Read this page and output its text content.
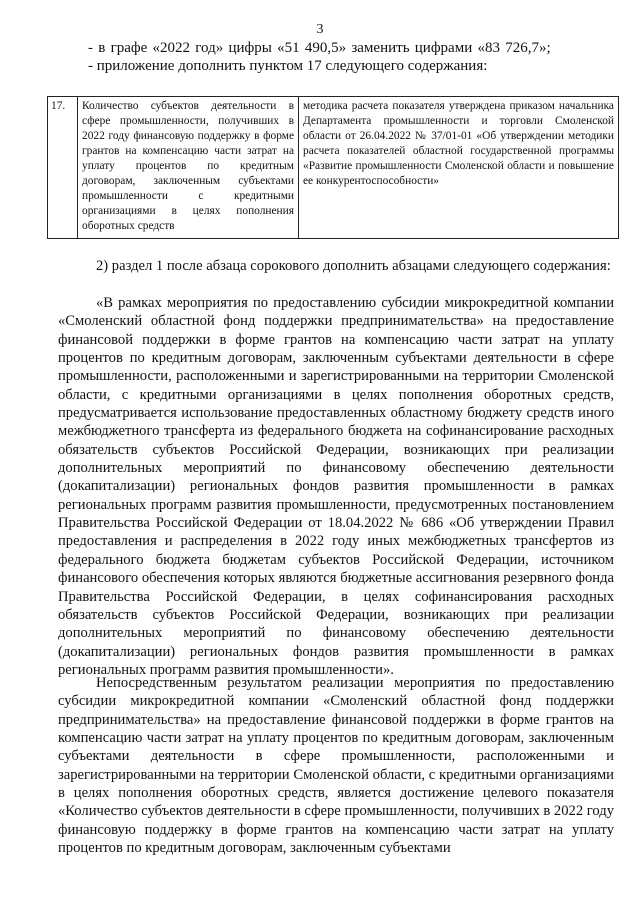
3
- в графе «2022 год» цифры «51 490,5» заменить цифрами «83 726,7»;
- приложение дополнить пунктом 17 следующего содержания:
17.	Количество субъектов деятельности в сфере промышленности, получивших в 2022 году финансовую поддержку в форме грантов на компенсацию части затрат на уплату процентов по кредитным договорам, заключенным субъектами промышленности с кредитными организациями в целях пополнения оборотных средств	методика расчета показателя утверждена приказом начальника Департамента промышленности и торговли Смоленской области от 26.04.2022 № 37/01-01 «Об утверждении методики расчета показателей областной государственной программы «Развитие промышленности Смоленской области и повышение ее конкурентоспособности»

2) раздел 1 после абзаца сорокового дополнить абзацами следующего содержания:

«В рамках мероприятия по предоставлению субсидии микрокредитной компании «Смоленский областной фонд поддержки предпринимательства» на предоставление финансовой поддержки в форме грантов на компенсацию части затрат на уплату процентов по кредитным договорам, заключенным субъектами деятельности в сфере промышленности, расположенными и зарегистрированными на территории Смоленской области, с кредитными организациями в целях пополнения оборотных средств, предусматривается использование предоставленных областному бюджету средств иного межбюджетного трансферта из федерального бюджета на софинансирование расходных обязательств субъектов Российской Федерации, возникающих при реализации дополнительных мероприятий по финансовому обеспечению деятельности (докапитализации) региональных фондов развития промышленности в рамках региональных программ развития промышленности, предусмотренных постановлением Правительства Российской Федерации от 18.04.2022 № 686 «Об утверждении Правил предоставления и распределения в 2022 году иных межбюджетных трансфертов из федерального бюджета бюджетам субъектов Российской Федерации, источником финансового обеспечения которых являются бюджетные ассигнования резервного фонда Правительства Российской Федерации, в целях софинансирования расходных обязательств субъектов Российской Федерации, возникающих при реализации дополнительных мероприятий по финансовому обеспечению деятельности (докапитализации) региональных фондов развития промышленности в рамках региональных программ развития промышленности».

Непосредственным результатом реализации мероприятия по предоставлению субсидии микрокредитной компании «Смоленский областной фонд поддержки предпринимательства» на предоставление финансовой поддержки в форме грантов на компенсацию части затрат на уплату процентов по кредитным договорам, заключенным субъектами деятельности в сфере промышленности, расположенными и зарегистрированными на территории Смоленской области, с кредитными организациями в целях пополнения оборотных средств, является достижение целевого показателя «Количество субъектов деятельности в сфере промышленности, получивших в 2022 году финансовую поддержку в форме грантов на компенсацию части затрат на уплату процентов по кредитным договорам, заключенным субъектами
